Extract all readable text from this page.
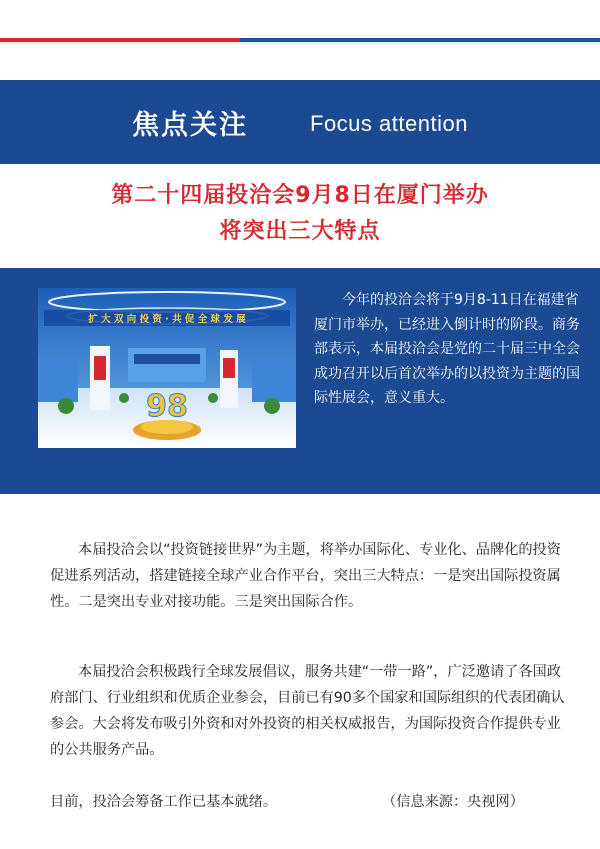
焦点关注	Focus attention
第二十四届投洽会9月8日在厦门举办
将突出三大特点
扩 大 双 向 投 资 · 共 促 全 球 发 展
98
今年的投洽会将于9月8-11日在福建省厦门市举办，已经进入倒计时的阶段。商务部表示，本届投洽会是党的二十届三中全会成功召开以后首次举办的以投资为主题的国际性展会，意义重大。
本届投洽会以“投资链接世界”为主题，将举办国际化、专业化、品牌化的投资促进系列活动，搭建链接全球产业合作平台，突出三大特点：一是突出国际投资属性。二是突出专业对接功能。三是突出国际合作。
本届投洽会积极践行全球发展倡议，服务共建“一带一路”，广泛邀请了各国政府部门、行业组织和优质企业参会，目前已有90多个国家和国际组织的代表团确认参会。大会将发布吸引外资和对外投资的相关权威报告，为国际投资合作提供专业的公共服务产品。
目前，投洽会筹备工作已基本就绪。	（信息来源：央视网）
